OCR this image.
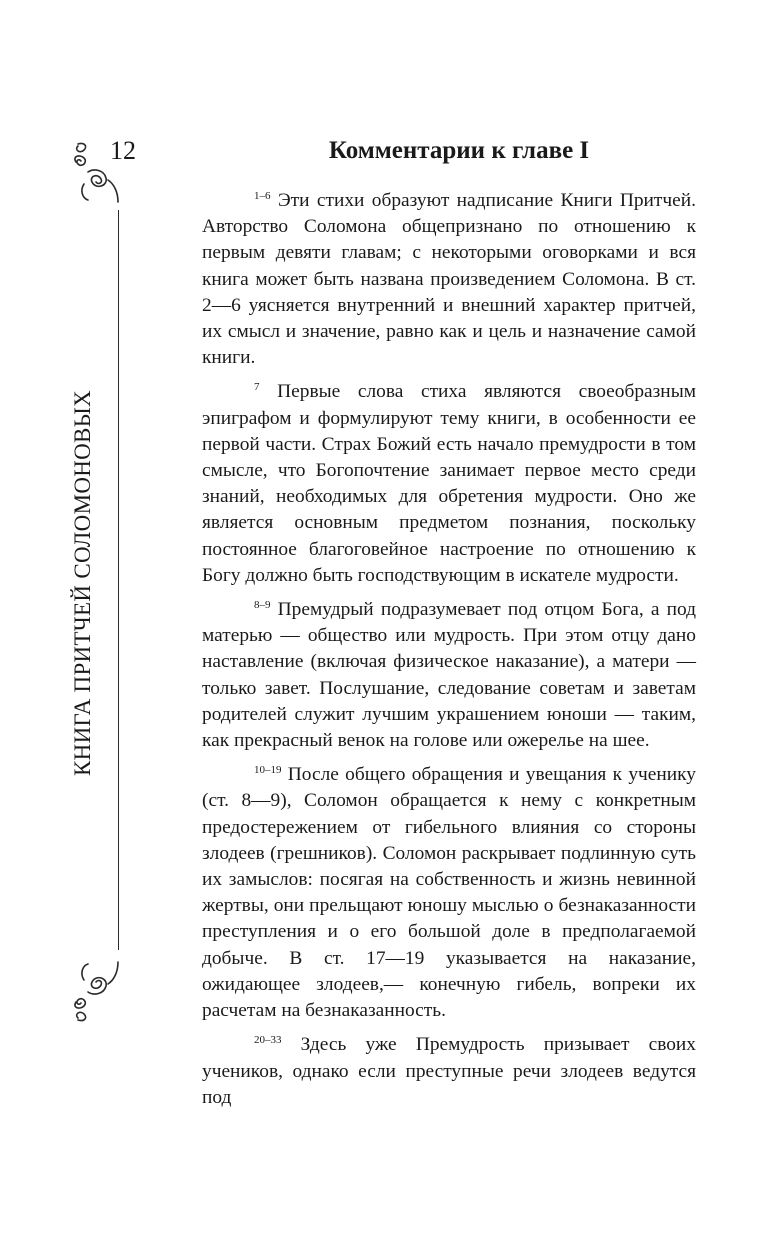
12
КНИГА ПРИТЧЕЙ СОЛОМОНОВЫХ
Комментарии к главе I

$^{1-6}$ Эти стихи образуют надписание Книги Притчей. Авторство Соломона общепризнано по отношению к первым девяти главам; с некоторыми оговорками и вся книга может быть названа произведением Соломона. В ст. 2—6 уясняется внутренний и внешний характер притчей, их смысл и значение, равно как и цель и назначение самой книги.

$^7$ Первые слова стиха являются своеобразным эпиграфом и формулируют тему книги, в особенности ее первой части. Страх Божий есть начало премудрости в том смысле, что Богопочтение занимает первое место среди знаний, необходимых для обретения мудрости. Оно же является основным предметом познания, поскольку постоянное благоговейное настроение по отношению к Богу должно быть господствующим в искателе мудрости.

$^{8-9}$ Премудрый подразумевает под отцом Бога, а под матерью — общество или мудрость. При этом отцу дано наставление (включая физическое наказание), а матери — только завет. Послушание, следование советам и заветам родителей служит лучшим украшением юноши — таким, как прекрасный венок на голове или ожерелье на шее.

$^{10-19}$ После общего обращения и увещания к ученику (ст. 8—9), Соломон обращается к нему с конкретным предостережением от гибельного влияния со стороны злодеев (грешников). Соломон раскрывает подлинную суть их замыслов: посягая на собственность и жизнь невинной жертвы, они прельщают юношу мыслью о безнаказанности преступления и о его большой доле в предполагаемой добыче. В ст. 17—19 указывается на наказание, ожидающее злодеев,— конечную гибель, вопреки их расчетам на безнаказанность.

$^{20-33}$ Здесь уже Премудрость призывает своих учеников, однако если преступные речи злодеев ведутся под
